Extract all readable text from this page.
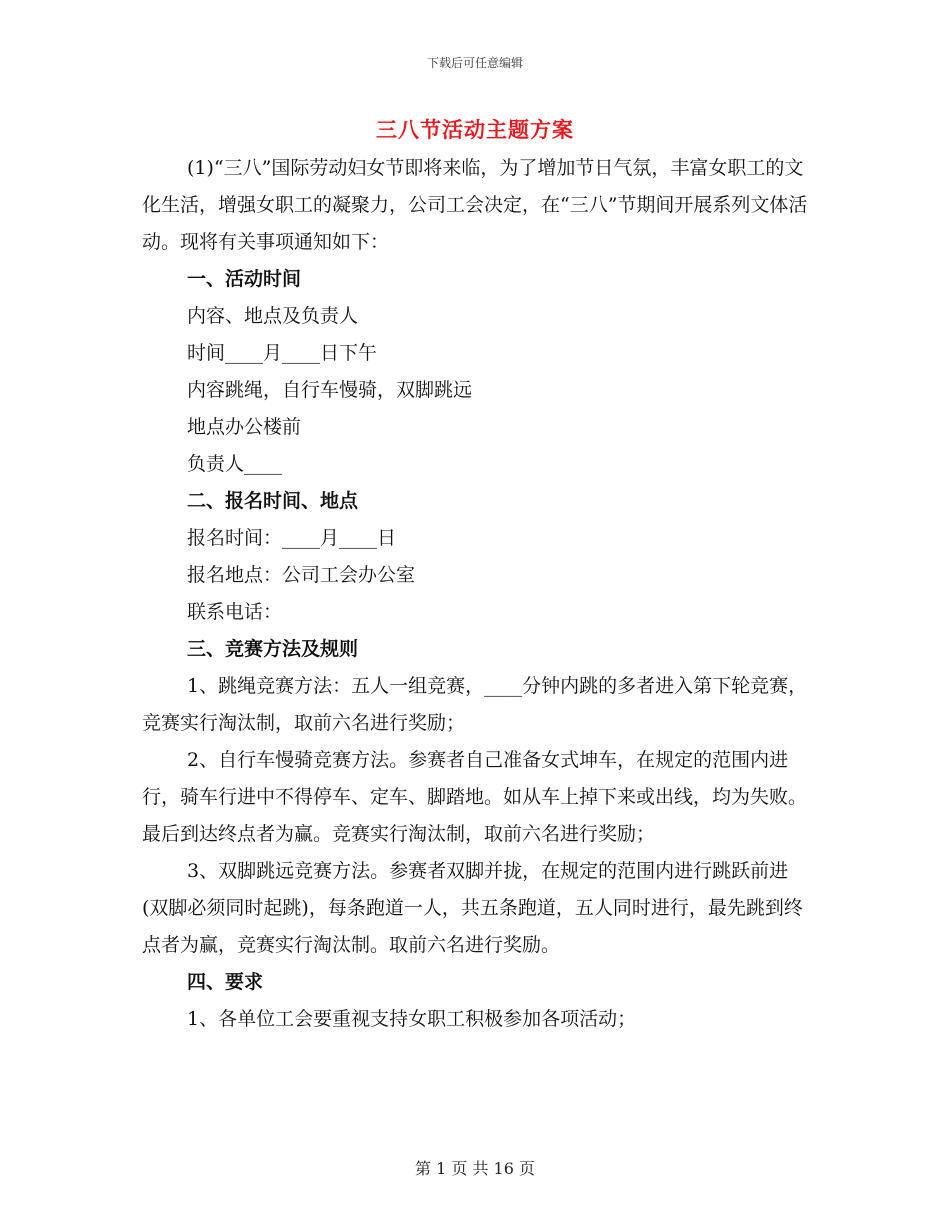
下载后可任意编辑
三八节活动主题方案

(1)“三八”国际劳动妇女节即将来临，为了增加节日气氛，丰富女职工的文化生活，增强女职工的凝聚力，公司工会决定，在“三八”节期间开展系列文体活动。现将有关事项通知如下：

一、活动时间

内容、地点及负责人

时间____月____日下午

内容跳绳，自行车慢骑，双脚跳远

地点办公楼前

负责人____

二、报名时间、地点

报名时间：____月____日

报名地点：公司工会办公室

联系电话：

三、竞赛方法及规则

1、跳绳竞赛方法：五人一组竞赛，____分钟内跳的多者进入第下轮竞赛，竞赛实行淘汰制，取前六名进行奖励；

2、自行车慢骑竞赛方法。参赛者自己准备女式坤车，在规定的范围内进行，骑车行进中不得停车、定车、脚踏地。如从车上掉下来或出线，均为失败。最后到达终点者为赢。竞赛实行淘汰制，取前六名进行奖励；

3、双脚跳远竞赛方法。参赛者双脚并拢，在规定的范围内进行跳跃前进(双脚必须同时起跳)，每条跑道一人，共五条跑道，五人同时进行，最先跳到终点者为赢，竞赛实行淘汰制。取前六名进行奖励。

四、要求

1、各单位工会要重视支持女职工积极参加各项活动；

第 1 页 共 16 页
